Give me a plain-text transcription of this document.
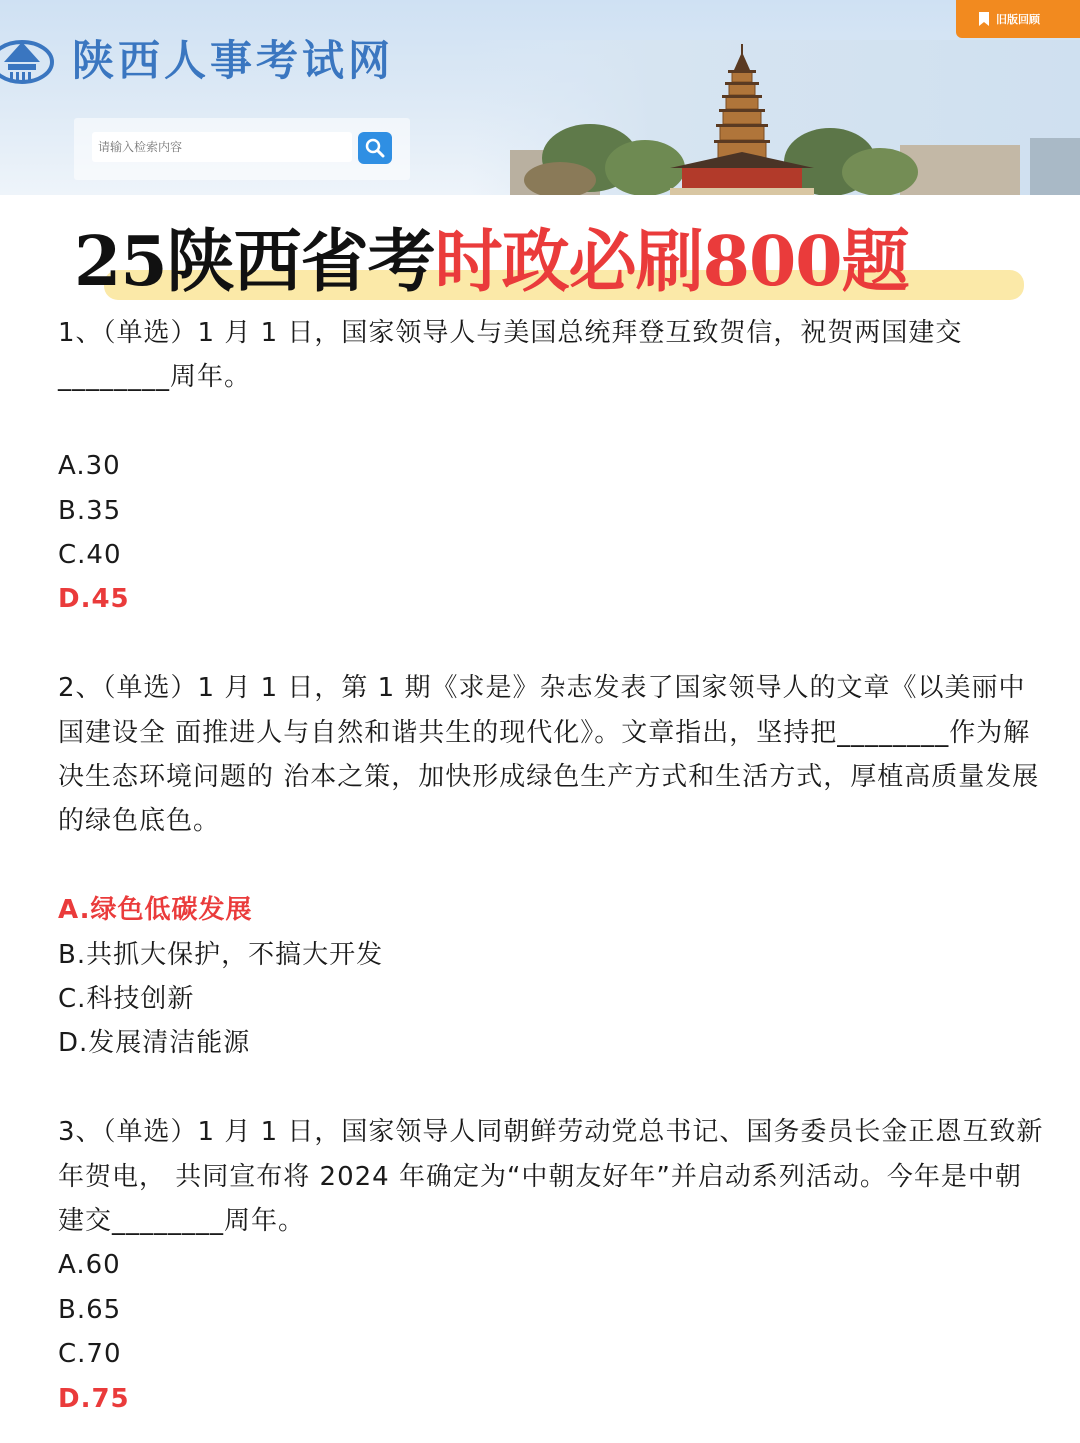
陕西人事考试网
请输入检索内容
旧版回顾
25陕西省考时政必刷800题

1、（单选）1 月 1 日，国家领导人与美国总统拜登互致贺信，祝贺两国建交________周年。

A.30

B.35

C.40

D.45

2、（单选）1 月 1 日，第 1 期《求是》杂志发表了国家领导人的文章《以美丽中国建设全 面推进人与自然和谐共生的现代化》。文章指出，坚持把________作为解决生态环境问题的 治本之策，加快形成绿色生产方式和生活方式，厚植高质量发展的绿色底色。

A.绿色低碳发展

B.共抓大保护，不搞大开发

C.科技创新

D.发展清洁能源

3、（单选）1 月 1 日，国家领导人同朝鲜劳动党总书记、国务委员长金正恩互致新年贺电， 共同宣布将 2024 年确定为“中朝友好年”并启动系列活动。今年是中朝建交________周年。

A.60

B.65

C.70

D.75
